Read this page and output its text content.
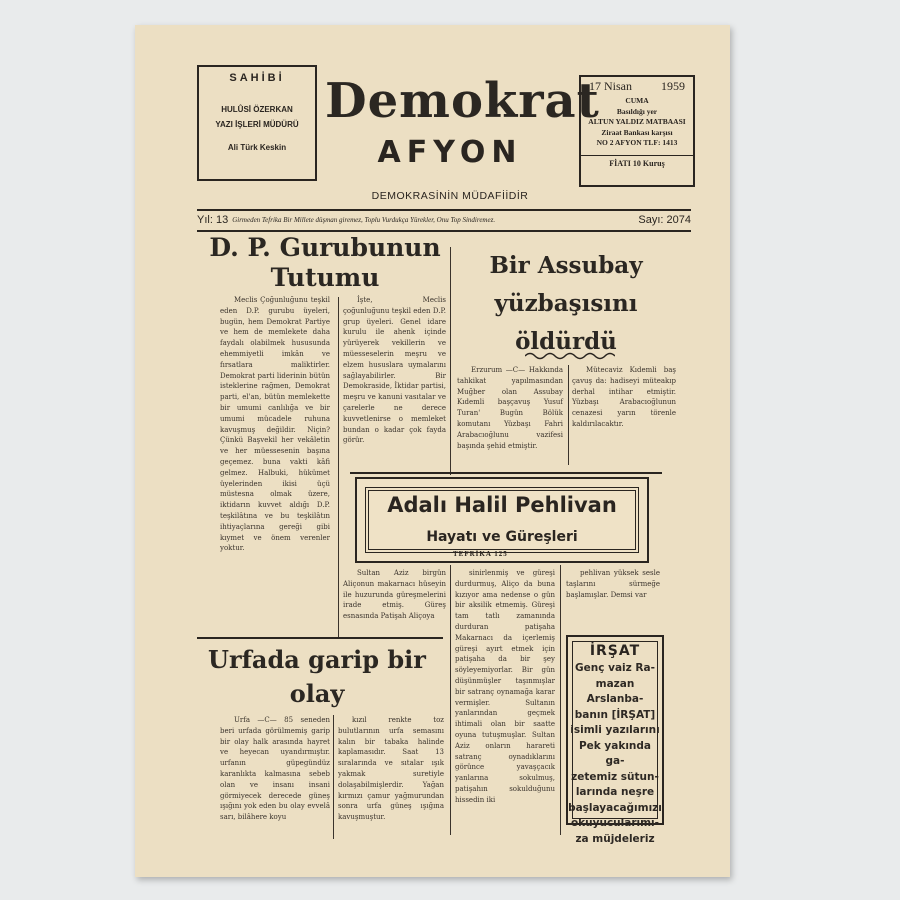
SAHİBİ
HULÛSİ ÖZERKAN
YAZI İŞLERİ MÜDÜRÜ
Ali Türk Keskin
Demokrat
AFYON
DEMOKRASİNİN MÜDAFİİDİR
17 Nisan 1959
CUMA
Basıldığı yer
ALTUN YALDIZ MATBAASI
Ziraat Bankası karşısı
NO 2 AFYON TLF: 1413
FİATI 10 Kuruş
Yıl: 13 Girmeden Tefrika Bir Millete düşman giremez, Toplu Vurdukça Yürekler, Onu Top Sindiremez.	Sayı: 2074
D. P. Gurubunun Tutumu

Meclis Çoğunluğunu teşkil eden D.P. gurubu üyeleri, bugün, hem Demokrat Partiye ve hem de memlekete daha faydalı olabilmek hususunda ehemmiyetli imkân ve fırsatlara maliktirler. Demokrat parti liderinin bütün isteklerine rağmen, Demokrat parti, el'an, bütün memlekette bir umumi canlılığa ve bir umumi mücadele ruhuna kavuşmuş değildir. Niçin? Çünkü Başvekil her vekâletin ve her müessesenin başına geçemez. buna vakti kâfi gelmez. Halbuki, hükümet üyelerinden ikisi üçü müstesna olmak üzere, iktidarın kuvvet aldığı D.P. teşkilâtına ve bu teşkilâtın ihtiyaçlarına gereği gibi kıymet ve önem verenler yoktur.

İşte, Meclis çoğunluğunu teşkil eden D.P. grup üyeleri. Genel idare kurulu ile ahenk içinde yürüyerek vekillerin ve müesseselerin meşru ve elzem hususlara uymalarını sağlayabilirler. Bir Demokraside, İktidar partisi, meşru ve kanuni vasıtalar ve çarelerle ne derece kuvvetlenirse o memleket bundan o kadar çok fayda görür.

Bir Assubay yüzbaşısını öldürdü

Erzurum —C— Hakkında tahkikat yapılmasından Muğber olan Assubay Kıdemli başçavuş Yusuf Turan' Bugün Bölük komutanı Yüzbaşı Fahri Arabacıoğlunu vazifesi başında şehid etmiştir.

Mütecaviz Kıdemli baş çavuş da: hadiseyi müteakıp derhal intihar etmiştir. Yüzbaşı Arabacıoğlunun cenazesi yarın törenle kaldırılacaktır.

Adalı Halil Pehlivan
Hayatı ve Güreşleri
TEFRİKA 125

Sultan Aziz birgün Aliçonun makarnacı hüseyin ile huzurunda güreşmelerini irade etmiş. Güreş esnasında Patişah Aliçoya

sinirlenmiş ve güreşi durdurmuş, Aliço da buna kızıyor ama nedense o gün bir aksilik etmemiş. Güreşi tam tatlı zamanında durduran patişaha Makarnacı da içerlemiş güreşi ayırt etmek için patişaha da bir şey söyleyemiyorlar. Bir gün düşünmüşler taşınmışlar bir satranç oynamağa karar vermişler. Sultanın yanlarından geçmek ihtimali olan bir saatte oyuna tutuşmuşlar. Sultan Aziz onların harareti satranç oynadıklarını görünce yavaşçacık yanlarına sokulmuş, patişahın sokulduğunu hissedin iki

pehlivan yüksek sesle taşlarını sürmeğe başlamışlar. Demsi var

Urfada garip bir olay

Urfa —C— 85 seneden beri urfada görülmemiş garip bir olay halk arasında hayret ve heyecan uyandırmıştır. urfanın güpegündüz karanlıkta kalmasına sebeb olan ve insanı insani görmiyecek derecede güneş ışığını yok eden bu olay evvelâ sarı, bilâhere koyu

kızıl renkte toz bulutlarının urfa semasını kalın bir tabaka halinde kaplamasıdır. Saat 13 sıralarında ve sıtalar ışık yakmak suretiyle dolaşabilmişlerdir. Yağan kırmızı çamur yağmurundan sonra urfa güneş ışığına kavuşmuştur.

İRŞAT
Genç vaiz Ra-
mazan Arslanba-
banın [İRŞAT]
isimli yazılarını
Pek yakında ga-
zetemiz sütun-
larında neşre
başlayacağımızı
okuyucularımı-
za müjdeleriz
